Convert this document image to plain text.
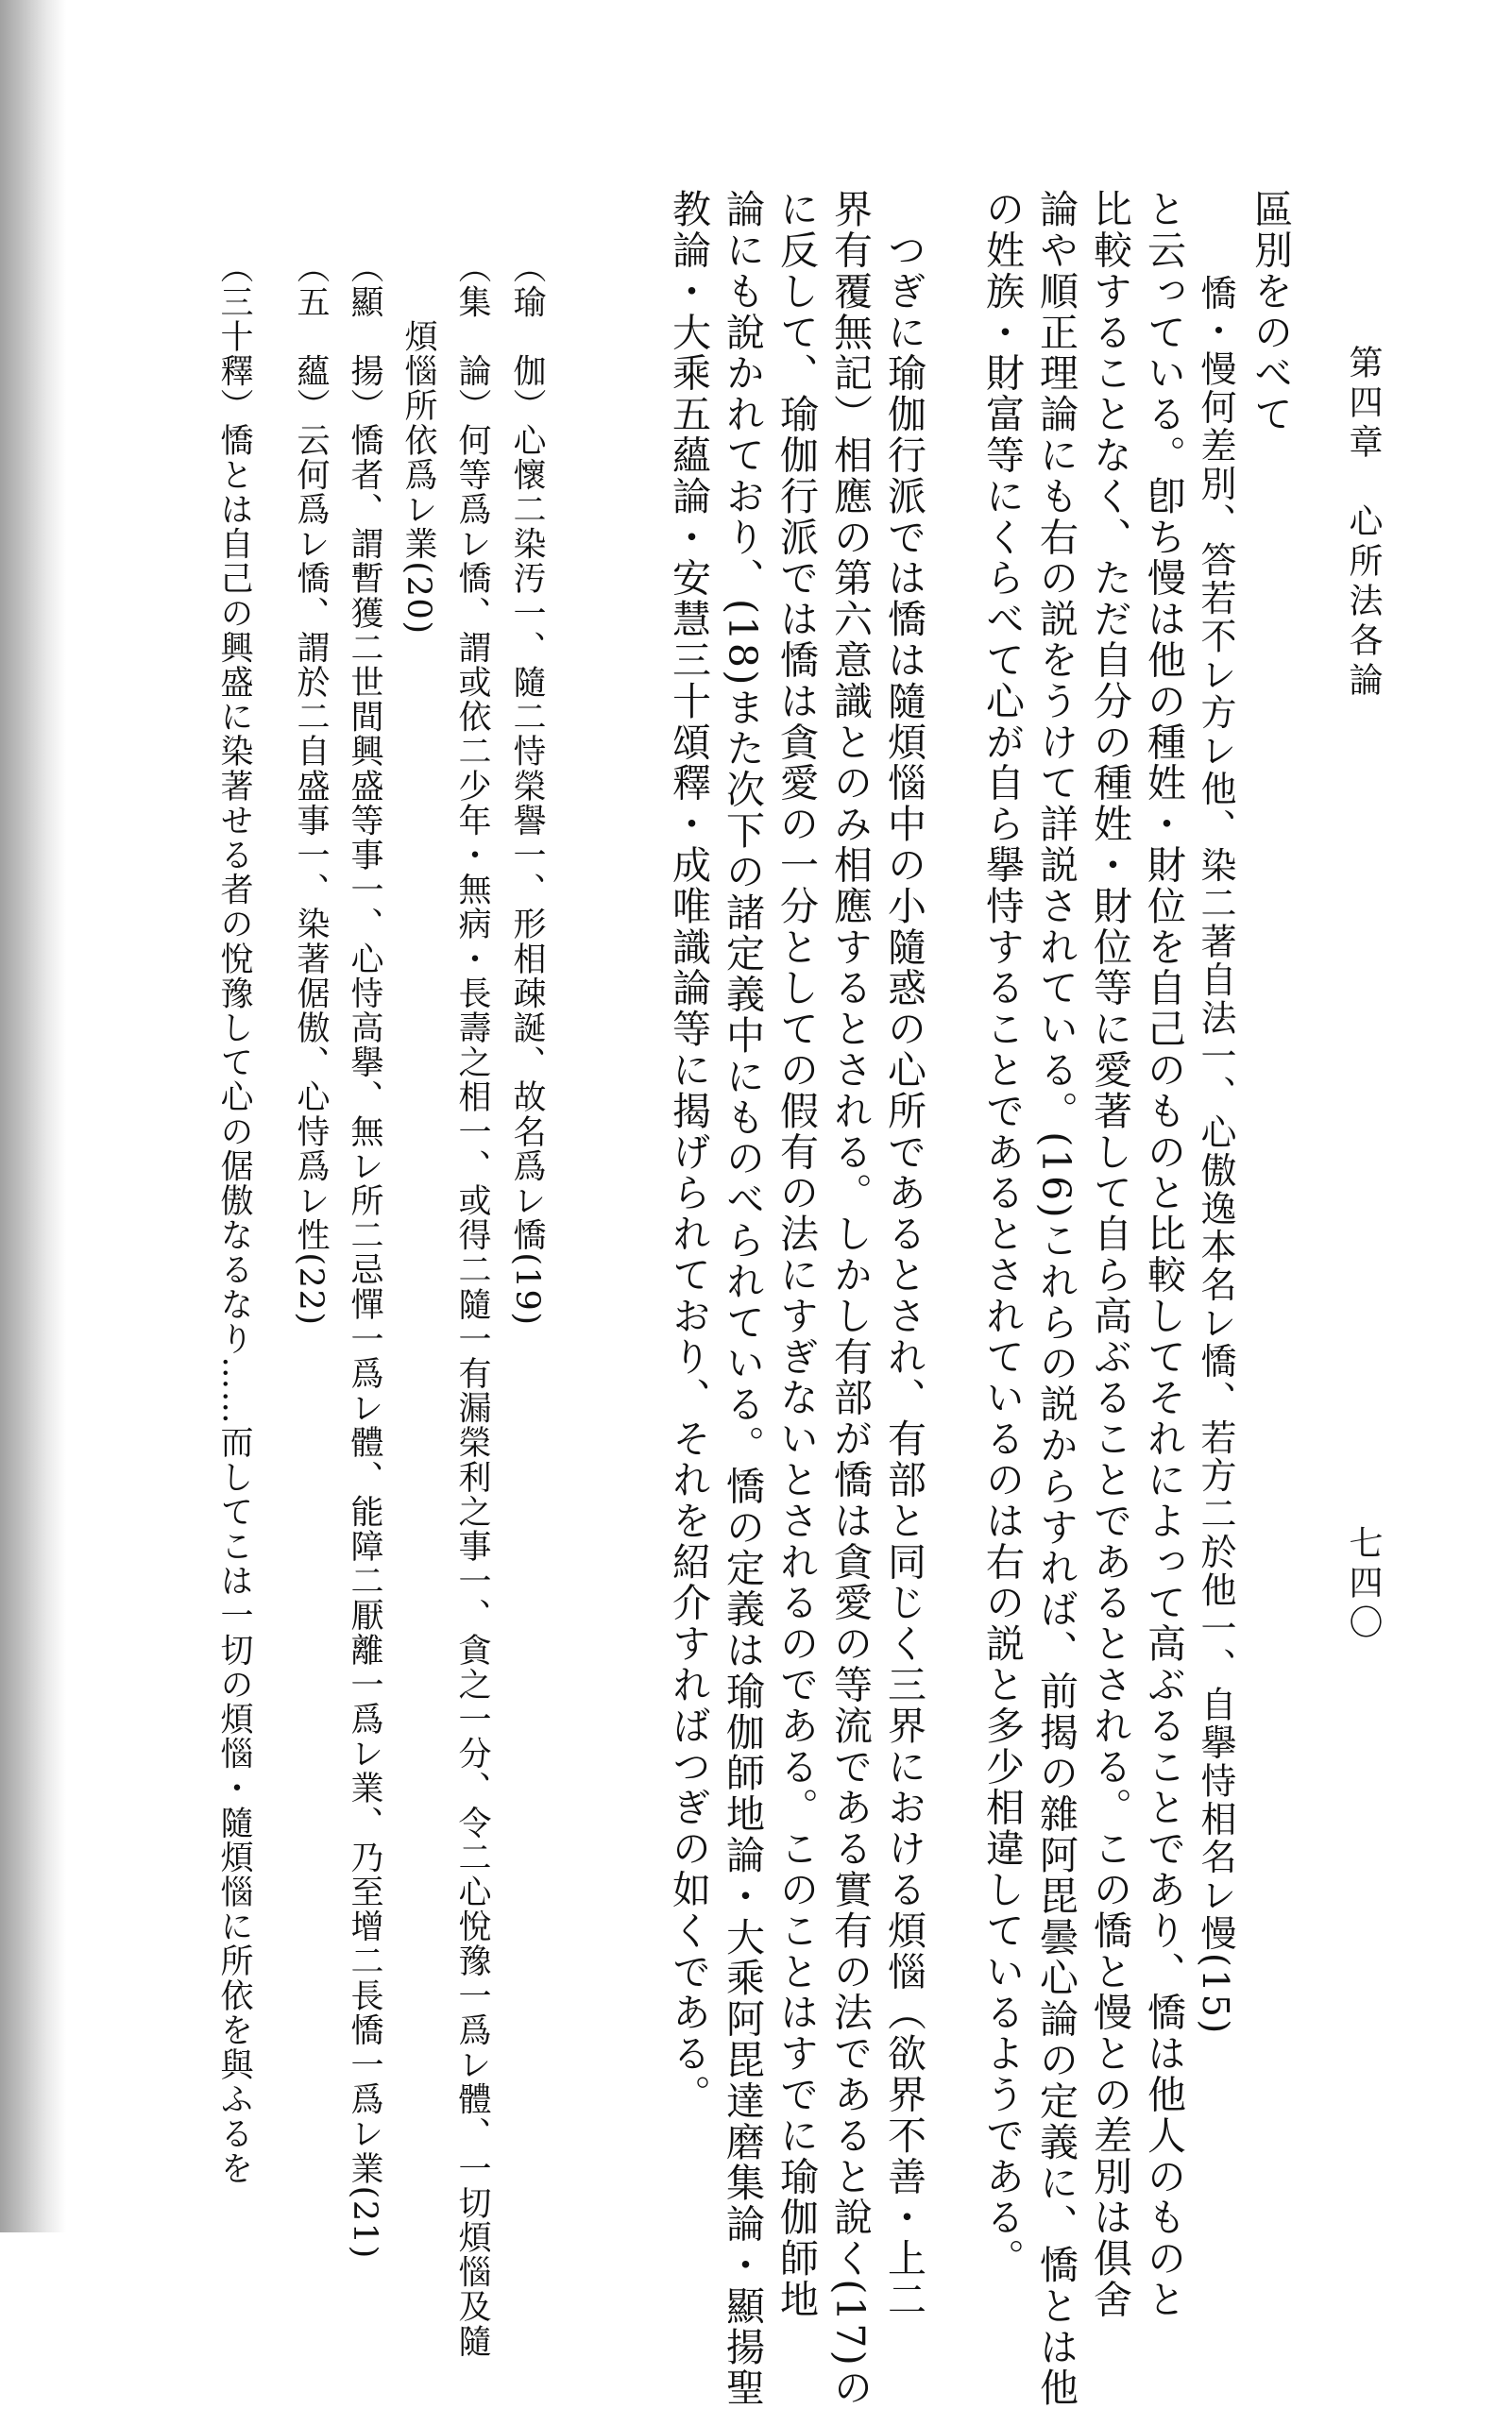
七四〇
第四章　心所法各論
區別をのべて
　憍・慢何差別、答若不レ方レ他、染二著自法一、心傲逸本名レ憍、若方二於他一、自擧恃相名レ慢(15)
と云っている。卽ち慢は他の種姓・財位を自己のものと比較してそれによって高ぶることであり、憍は他人のものと
比較することなく、ただ自分の種姓・財位等に愛著して自ら高ぶることであるとされる。この憍と慢との差別は俱舍
論や順正理論にも右の説をうけて詳説されている。(16)これらの説からすれば、前揭の雜阿毘曇心論の定義に、憍とは他
の姓族・財富等にくらべて心が自ら擧恃することであるとされているのは右の説と多少相違しているようである。
　つぎに瑜伽行派では憍は隨煩惱中の小隨惑の心所であるとされ、有部と同じく三界における煩惱（欲界不善・上二
界有覆無記）相應の第六意識とのみ相應するとされる。しかし有部が憍は貪愛の等流である實有の法であると說く(17)の
に反して、瑜伽行派では憍は貪愛の一分としての假有の法にすぎないとされるのである。このことはすでに瑜伽師地
論にも說かれており、(18)また次下の諸定義中にものべられている。憍の定義は瑜伽師地論・大乘阿毘達磨集論・顯揚聖
教論・大乘五蘊論・安慧三十頌釋・成唯識論等に揭げられており、それを紹介すればつぎの如くである。
（瑜　伽）心懷二染汚一、隨二恃榮譽一、形相疎誕、故名爲レ憍(19)
（集　論）何等爲レ憍、謂或依二少年・無病・長壽之相一、或得二隨一有漏榮利之事一、貪之一分、令二心悅豫一爲レ體、一切煩惱及隨
　　煩惱所依爲レ業(20)
（顯　揚）憍者、謂暫獲二世間興盛等事一、心恃高擧、無レ所二忌憚一爲レ體、能障二厭離一爲レ業、乃至增二長憍一爲レ業(21)
（五　蘊）云何爲レ憍、謂於二自盛事一、染著倨傲、心恃爲レ性(22)
（三十釋）憍とは自己の興盛に染著せる者の悅豫して心の倨傲なるなり……而してこは一切の煩惱・隨煩惱に所依を與ふるを
